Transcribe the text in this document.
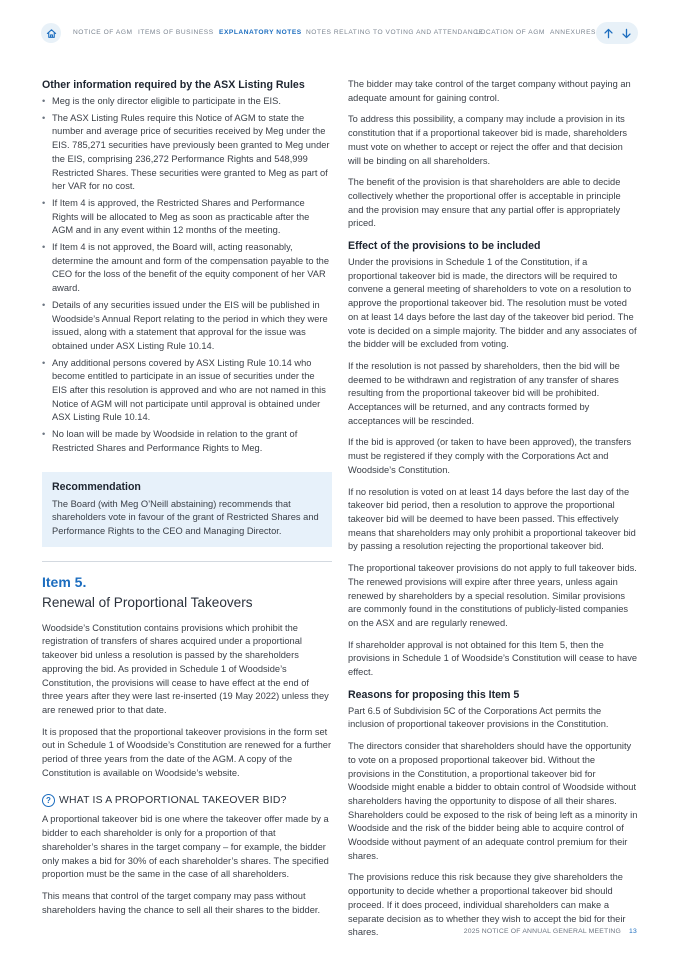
NOTICE OF AGM ITEMS OF BUSINESS EXPLANATORY NOTES NOTES RELATING TO VOTING AND ATTENDANCE
LOCATION OF AGM ANNEXURES
Other information required by the ASX Listing Rules
• Meg is the only director eligible to participate in the EIS.
• The ASX Listing Rules require this Notice of AGM to state the number and average price of securities received by Meg under the EIS. 785,271 securities have previously been granted to Meg under the EIS, comprising 236,272 Performance Rights and 548,999 Restricted Shares. These securities were granted to Meg as part of her VAR for no cost.
• If Item 4 is approved, the Restricted Shares and Performance Rights will be allocated to Meg as soon as practicable after the AGM and in any event within 12 months of the meeting.
• If Item 4 is not approved, the Board will, acting reasonably, determine the amount and form of the compensation payable to the CEO for the loss of the benefit of the equity component of her VAR award.
• Details of any securities issued under the EIS will be published in Woodside’s Annual Report relating to the period in which they were issued, along with a statement that approval for the issue was obtained under ASX Listing Rule 10.14.
• Any additional persons covered by ASX Listing Rule 10.14 who become entitled to participate in an issue of securities under the EIS after this resolution is approved and who are not named in this Notice of AGM will not participate until approval is obtained under ASX Listing Rule 10.14.
• No loan will be made by Woodside in relation to the grant of Restricted Shares and Performance Rights to Meg.
Recommendation

The Board (with Meg O’Neill abstaining) recommends that shareholders vote in favour of the grant of Restricted Shares and Performance Rights to the CEO and Managing Director.

Item 5.
Renewal of Proportional Takeovers

Woodside’s Constitution contains provisions which prohibit the registration of transfers of shares acquired under a proportional takeover bid unless a resolution is passed by the shareholders approving the bid. As provided in Schedule 1 of Woodside’s Constitution, the provisions will cease to have effect at the end of three years after they were last re-inserted (19 May 2022) unless they are renewed prior to that date.

It is proposed that the proportional takeover provisions in the form set out in Schedule 1 of Woodside’s Constitution are renewed for a further period of three years from the date of the AGM. A copy of the Constitution is available on Woodside’s website.

? WHAT IS A PROPORTIONAL TAKEOVER BID?

A proportional takeover bid is one where the takeover offer made by a bidder to each shareholder is only for a proportion of that shareholder’s shares in the target company – for example, the bidder only makes a bid for 30% of each shareholder’s shares. The specified proportion must be the same in the case of all shareholders.

This means that control of the target company may pass without shareholders having the chance to sell all their shares to the bidder.

The bidder may take control of the target company without paying an adequate amount for gaining control.

To address this possibility, a company may include a provision in its constitution that if a proportional takeover bid is made, shareholders must vote on whether to accept or reject the offer and that decision will be binding on all shareholders.

The benefit of the provision is that shareholders are able to decide collectively whether the proportional offer is acceptable in principle and the provision may ensure that any partial offer is appropriately priced.

Effect of the provisions to be included

Under the provisions in Schedule 1 of the Constitution, if a proportional takeover bid is made, the directors will be required to convene a general meeting of shareholders to vote on a resolution to approve the proportional takeover bid. The resolution must be voted on at least 14 days before the last day of the takeover bid period. The vote is decided on a simple majority. The bidder and any associates of the bidder will be excluded from voting.

If the resolution is not passed by shareholders, then the bid will be deemed to be withdrawn and registration of any transfer of shares resulting from the proportional takeover bid will be prohibited. Acceptances will be returned, and any contracts formed by acceptances will be rescinded.

If the bid is approved (or taken to have been approved), the transfers must be registered if they comply with the Corporations Act and Woodside’s Constitution.

If no resolution is voted on at least 14 days before the last day of the takeover bid period, then a resolution to approve the proportional takeover bid will be deemed to have been passed. This effectively means that shareholders may only prohibit a proportional takeover bid by passing a resolution rejecting the proportional takeover bid.

The proportional takeover provisions do not apply to full takeover bids. The renewed provisions will expire after three years, unless again renewed by shareholders by a special resolution. Similar provisions are commonly found in the constitutions of publicly-listed companies on the ASX and are regularly renewed.

If shareholder approval is not obtained for this Item 5, then the provisions in Schedule 1 of Woodside’s Constitution will cease to have effect.

Reasons for proposing this Item 5

Part 6.5 of Subdivision 5C of the Corporations Act permits the inclusion of proportional takeover provisions in the Constitution.

The directors consider that shareholders should have the opportunity to vote on a proposed proportional takeover bid. Without the provisions in the Constitution, a proportional takeover bid for Woodside might enable a bidder to obtain control of Woodside without shareholders having the opportunity to dispose of all their shares. Shareholders could be exposed to the risk of being left as a minority in Woodside and the risk of the bidder being able to acquire control of Woodside without payment of an adequate control premium for their shares.

The provisions reduce this risk because they give shareholders the opportunity to decide whether a proportional takeover bid should proceed. If it does proceed, individual shareholders can make a separate decision as to whether they wish to accept the bid for their shares.	2025 NOTICE OF ANNUAL GENERAL MEETING 13
